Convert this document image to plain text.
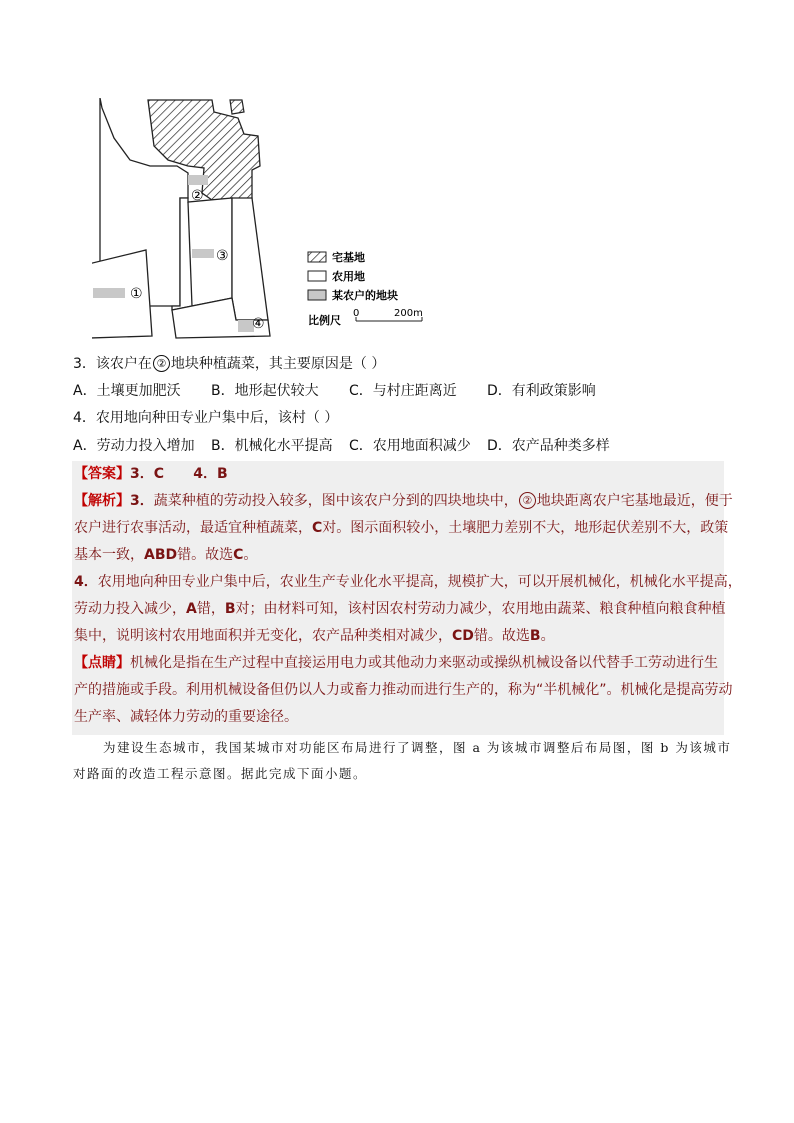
①
②
③
④
宅基地
农用地
某农户的地块
比例尺
0	200m
3．该农户在 ② 地块种植蔬菜，其主要原因是（ ）
A．土壤更加肥沃 B．地形起伏较大 C．与村庄距离近 D．有利政策影响
4．农用地向种田专业户集中后，该村（ ）
A．劳动力投入增加 B．机械化水平提高 C．农用地面积减少 D．农产品种类多样
【答案】3．C      4．B
【解析】3．蔬菜种植的劳动投入较多，图中该农户分到的四块地块中， ② 地块距离农户宅基地最近，便于
农户进行农事活动，最适宜种植蔬菜，C对。图示面积较小，土壤肥力差别不大，地形起伏差别不大，政策
基本一致，ABD错。故选C。
4．农用地向种田专业户集中后，农业生产专业化水平提高，规模扩大，可以开展机械化，机械化水平提高，
劳动力投入减少，A错，B对；由材料可知，该村因农村劳动力减少，农用地由蔬菜、粮食种植向粮食种植
集中，说明该村农用地面积并无变化，农产品种类相对减少，CD错。故选B。
【点睛】机械化是指在生产过程中直接运用电力或其他动力来驱动或操纵机械设备以代替手工劳动进行生
产的措施或手段。利用机械设备但仍以人力或畜力推动而进行生产的，称为“半机械化”。机械化是提高劳动
生产率、减轻体力劳动的重要途径。
为建设生态城市，我国某城市对功能区布局进行了调整，图 a 为该城市调整后布局图，图 b 为该城市
对路面的改造工程示意图。据此完成下面小题。
